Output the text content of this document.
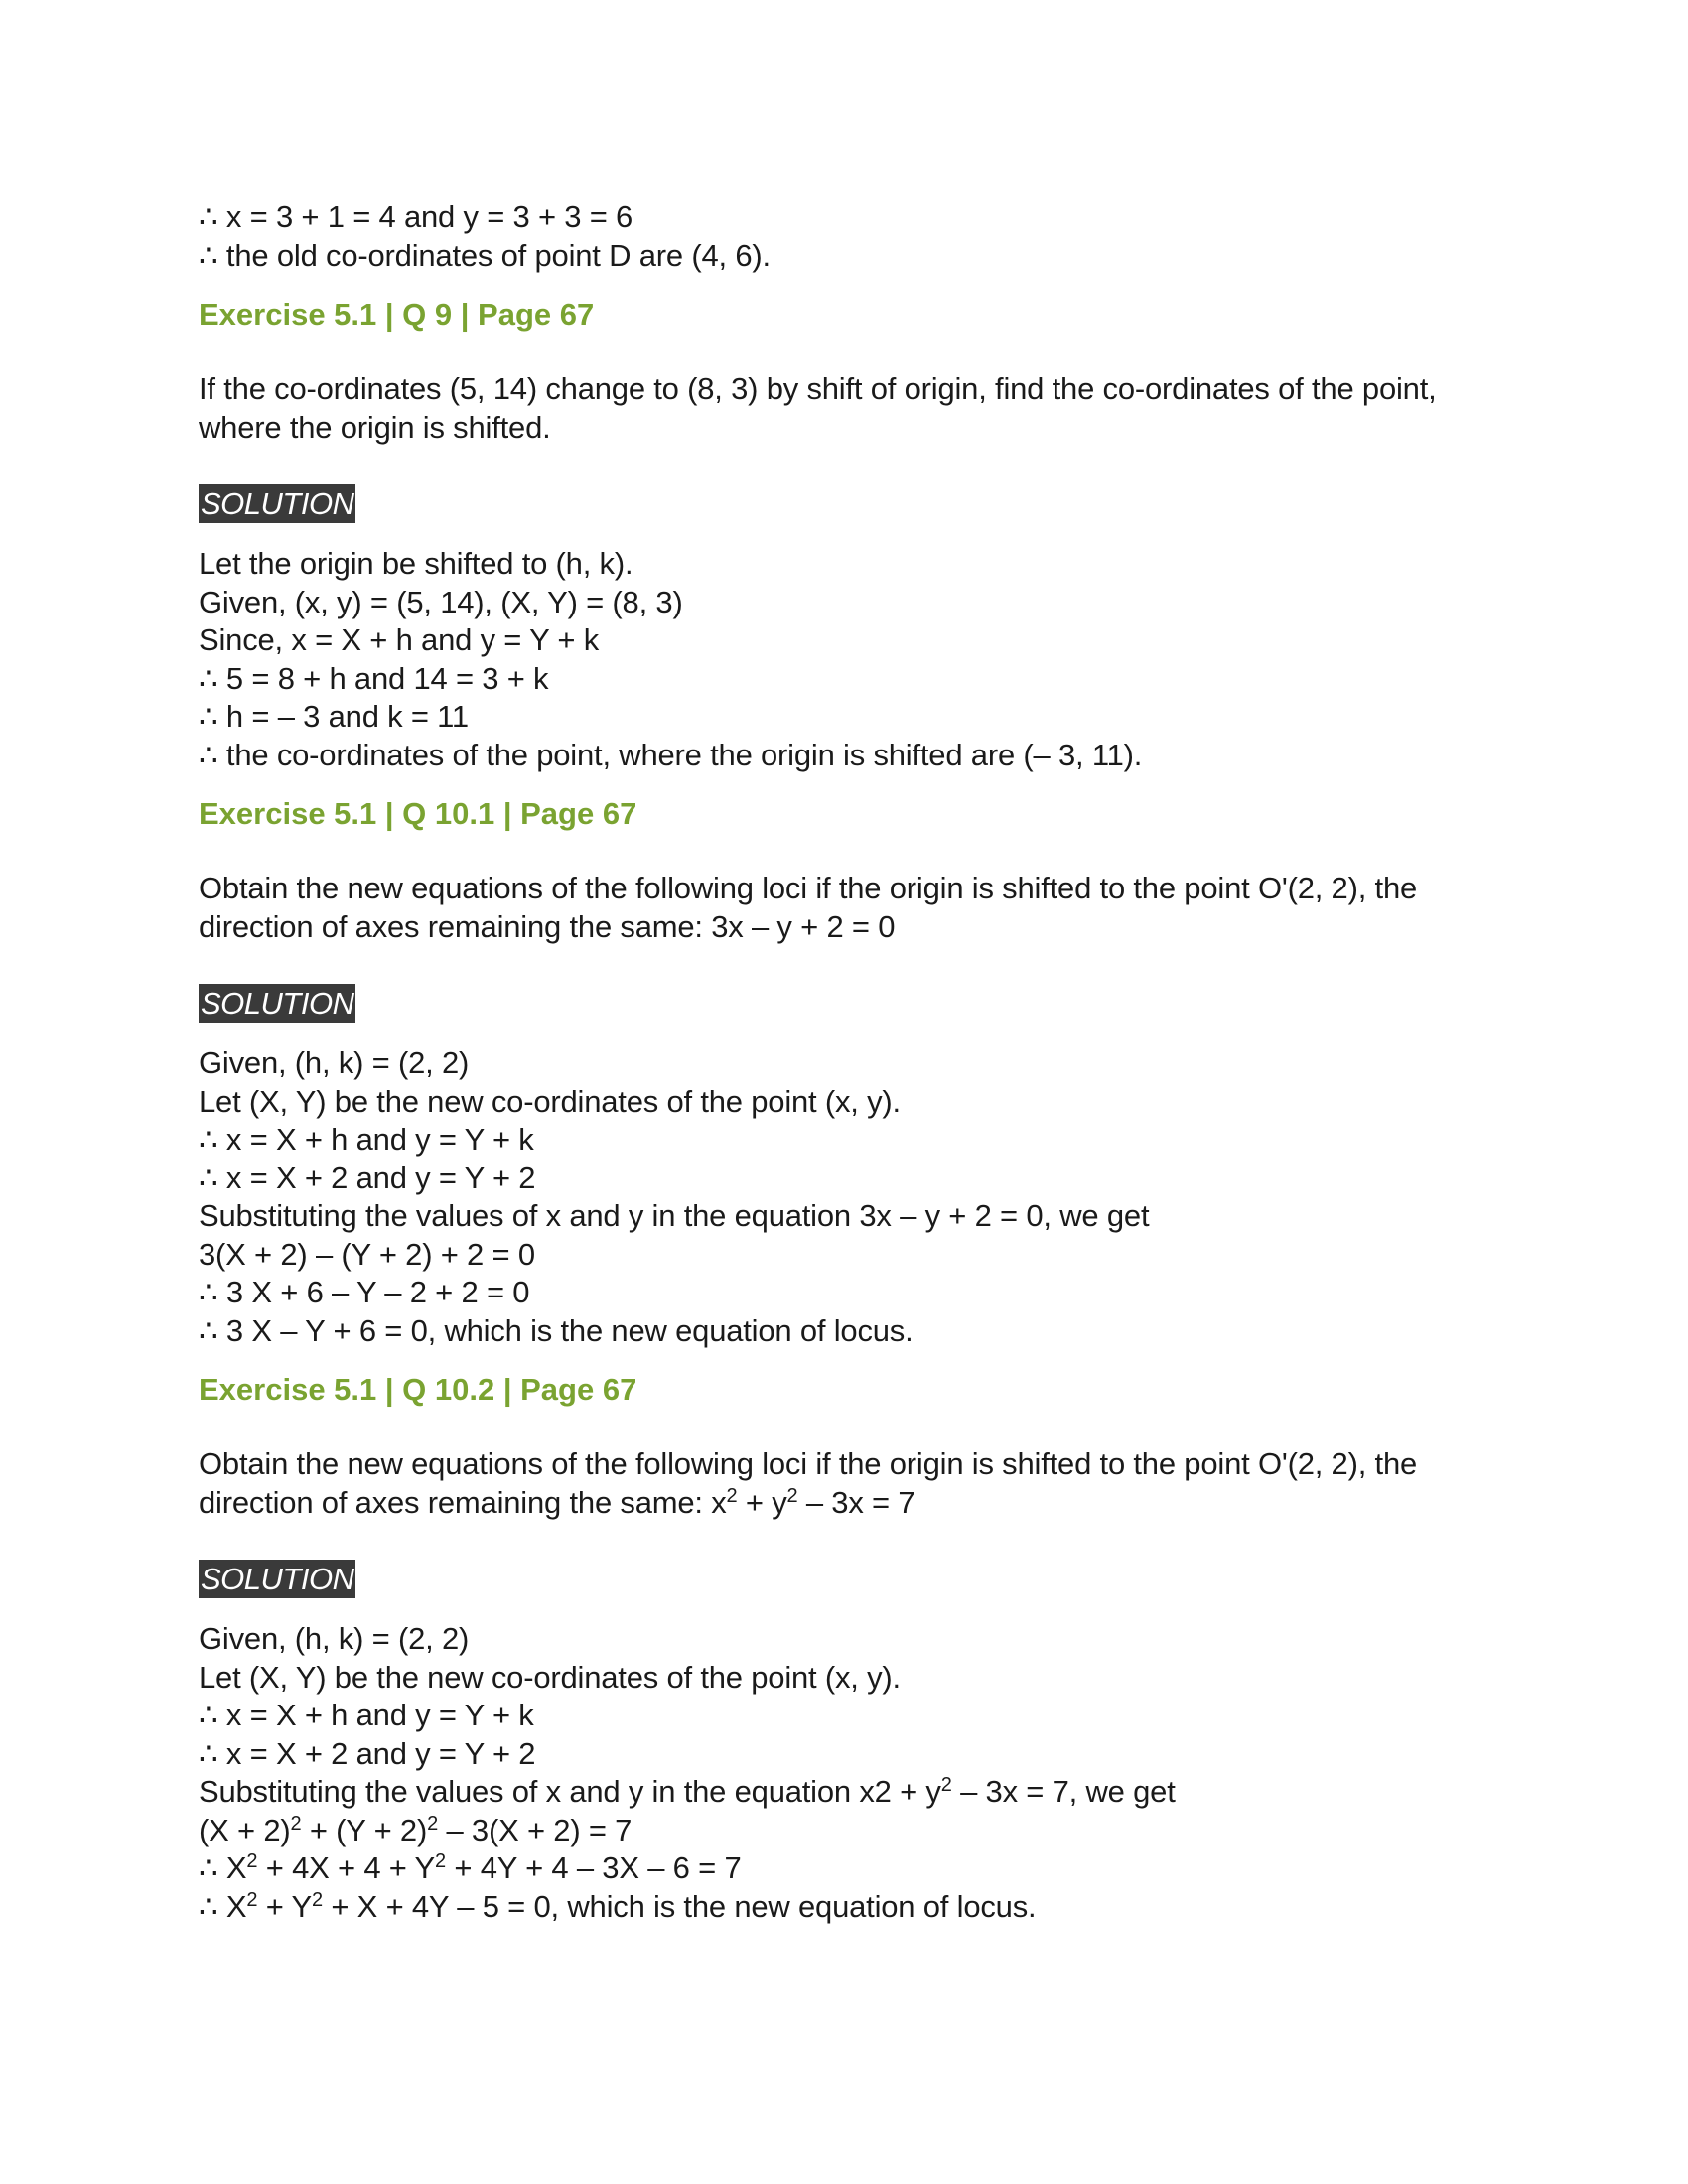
∴ x = 3 + 1 = 4 and y = 3 + 3 = 6
∴ the old co-ordinates of point D are (4, 6).
Exercise 5.1 | Q 9 | Page 67
If the co-ordinates (5, 14) change to (8, 3) by shift of origin, find the co-ordinates of the point, where the origin is shifted.
SOLUTION
Let the origin be shifted to (h, k).
Given, (x, y) = (5, 14), (X, Y) = (8, 3)
Since, x = X + h and y = Y + k
∴ 5 = 8 + h and 14 = 3 + k
∴ h = – 3 and k = 11
∴ the co-ordinates of the point, where the origin is shifted are (– 3, 11).
Exercise 5.1 | Q 10.1 | Page 67
Obtain the new equations of the following loci if the origin is shifted to the point O'(2, 2), the direction of axes remaining the same: 3x – y + 2 = 0
SOLUTION
Given, (h, k) = (2, 2)
Let (X, Y) be the new co-ordinates of the point (x, y).
∴ x = X + h and y = Y + k
∴ x = X + 2 and y = Y + 2
Substituting the values of x and y in the equation 3x – y + 2 = 0, we get
3(X + 2) – (Y + 2) + 2 = 0
∴ 3 X + 6 – Y – 2 + 2 = 0
∴ 3 X – Y + 6 = 0, which is the new equation of locus.
Exercise 5.1 | Q 10.2 | Page 67
Obtain the new equations of the following loci if the origin is shifted to the point O'(2, 2), the direction of axes remaining the same: $x^2 + y^2 - 3x = 7$
SOLUTION
Given, (h, k) = (2, 2)
Let (X, Y) be the new co-ordinates of the point (x, y).
∴ x = X + h and y = Y + k
∴ x = X + 2 and y = Y + 2
Substituting the values of x and y in the equation $x2 + y^2 - 3x = 7$, we get
$(X + 2)^2 + (Y + 2)^2 - 3(X + 2) = 7$
∴ $X^2 + 4X + 4 + Y^2 + 4Y + 4 - 3X - 6 = 7$
∴ $X^2 + Y^2 + X + 4Y - 5 = 0$, which is the new equation of locus.
